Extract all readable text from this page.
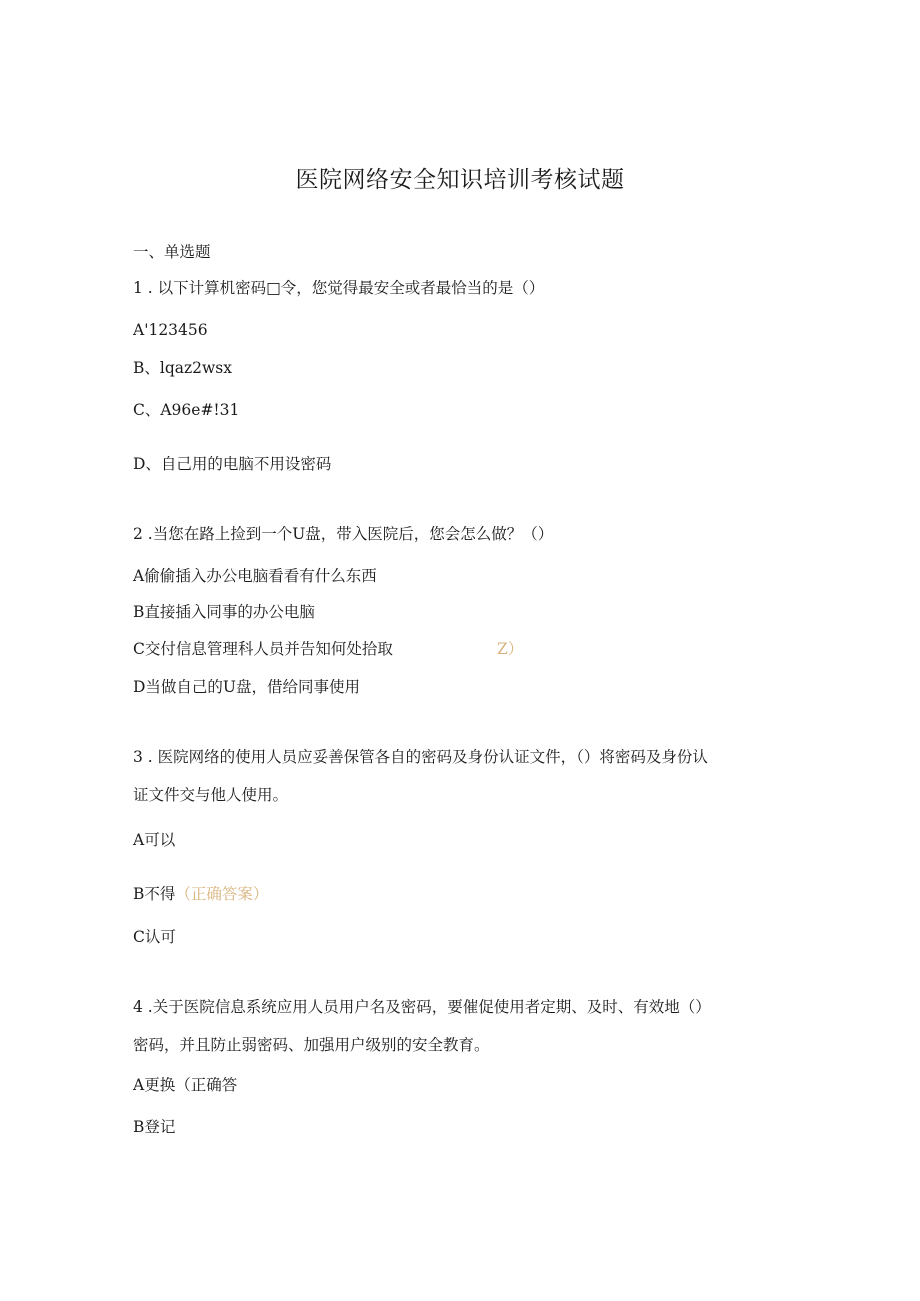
医院网络安全知识培训考核试题
一、单选题
1 . 以下计算机密码□令，您觉得最安全或者最恰当的是（）
A'123456
B、lqaz2wsx
C、A96e#!31
D、自己用的电脑不用设密码
2 .当您在路上捡到一个U盘，带入医院后，您会怎么做？（）
A偷偷插入办公电脑看看有什么东西
B直接插入同事的办公电脑
C交付信息管理科人员并告知何处拾取	Z）
D当做自己的U盘，借给同事使用
3 . 医院网络的使用人员应妥善保管各自的密码及身份认证文件，（）将密码及身份认
证文件交与他人使用。
A可以
B不得（正确答案）
C认可
4 .关于医院信息系统应用人员用户名及密码，要催促使用者定期、及时、有效地（）
密码，并且防止弱密码、加强用户级别的安全教育。
A更换（正确答
B登记
